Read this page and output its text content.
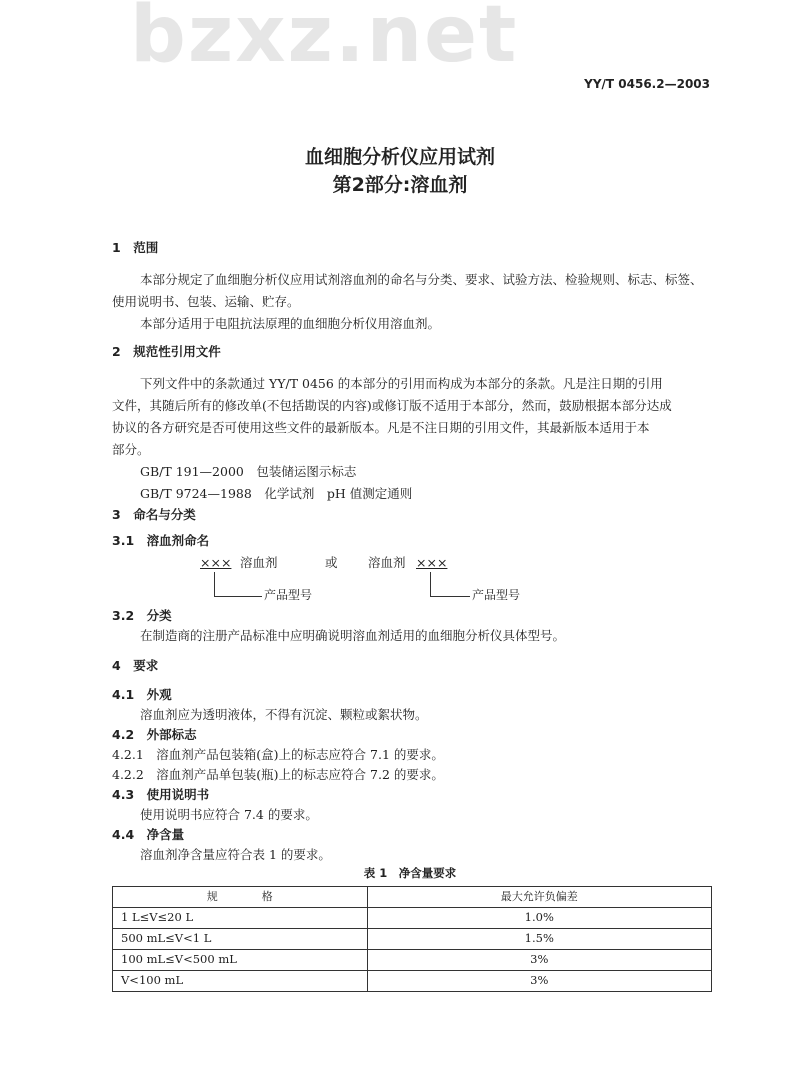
bzxz.net
YY/T 0456.2—2003
血细胞分析仪应用试剂
第2部分:溶血剂
1　范围
本部分规定了血细胞分析仪应用试剂溶血剂的命名与分类、要求、试验方法、检验规则、标志、标签、
使用说明书、包装、运输、贮存。
本部分适用于电阻抗法原理的血细胞分析仪用溶血剂。
2　规范性引用文件
下列文件中的条款通过 YY/T 0456 的本部分的引用而构成为本部分的条款。凡是注日期的引用
文件，其随后所有的修改单(不包括勘误的内容)或修订版不适用于本部分，然而，鼓励根据本部分达成
协议的各方研究是否可使用这些文件的最新版本。凡是不注日期的引用文件，其最新版本适用于本
部分。
GB/T 191—2000　包装储运图示标志
GB/T 9724—1988　化学试剂　pH 值测定通则
3　命名与分类
3.1　溶血剂命名
××× 溶血剂	或 溶血剂 ×××
产品型号	产品型号
3.2　分类
在制造商的注册产品标准中应明确说明溶血剂适用的血细胞分析仪具体型号。
4　要求
4.1　外观
溶血剂应为透明液体，不得有沉淀、颗粒或絮状物。
4.2　外部标志
4.2.1　溶血剂产品包装箱(盒)上的标志应符合 7.1 的要求。
4.2.2　溶血剂产品单包装(瓶)上的标志应符合 7.2 的要求。
4.3　使用说明书
使用说明书应符合 7.4 的要求。
4.4　净含量
溶血剂净含量应符合表 1 的要求。
表 1　净含量要求
规　　　　格	最大允许负偏差
1 L≤V≤20 L	1.0%
500 mL≤V<1 L	1.5%
100 mL≤V<500 mL	3%
V<100 mL	3%
